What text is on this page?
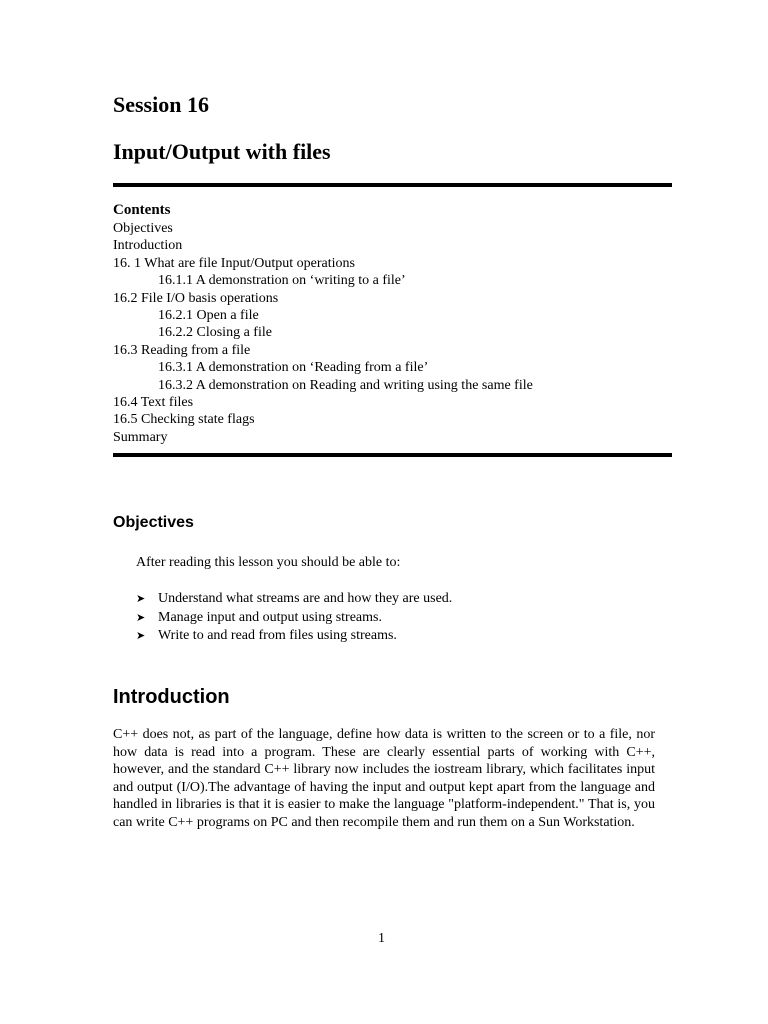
Session 16
Input/Output with files
Contents
Objectives
Introduction
16. 1 What are file Input/Output operations
16.1.1 A demonstration on ‘writing to a file’
16.2 File I/O basis operations
16.2.1 Open a file
16.2.2 Closing a file
16.3 Reading from a file
16.3.1 A demonstration on ‘Reading from a file’
16.3.2 A demonstration on Reading and writing using the same file
16.4 Text files
16.5 Checking state flags
Summary
Objectives

After reading this lesson you should be able to:

➤ Understand what streams are and how they are used.
➤ Manage input and output using streams.
➤ Write to and read from files using streams.
Introduction

C++ does not, as part of the language, define how data is written to the screen or to a file, nor how data is read into a program. These are clearly essential parts of working with C++, however, and the standard C++ library now includes the iostream library, which facilitates input and output (I/O).The advantage of having the input and output kept apart from the language and handled in libraries is that it is easier to make the language "platform-independent." That is, you can write C++ programs on PC and then recompile them and run them on a Sun Workstation.

1
